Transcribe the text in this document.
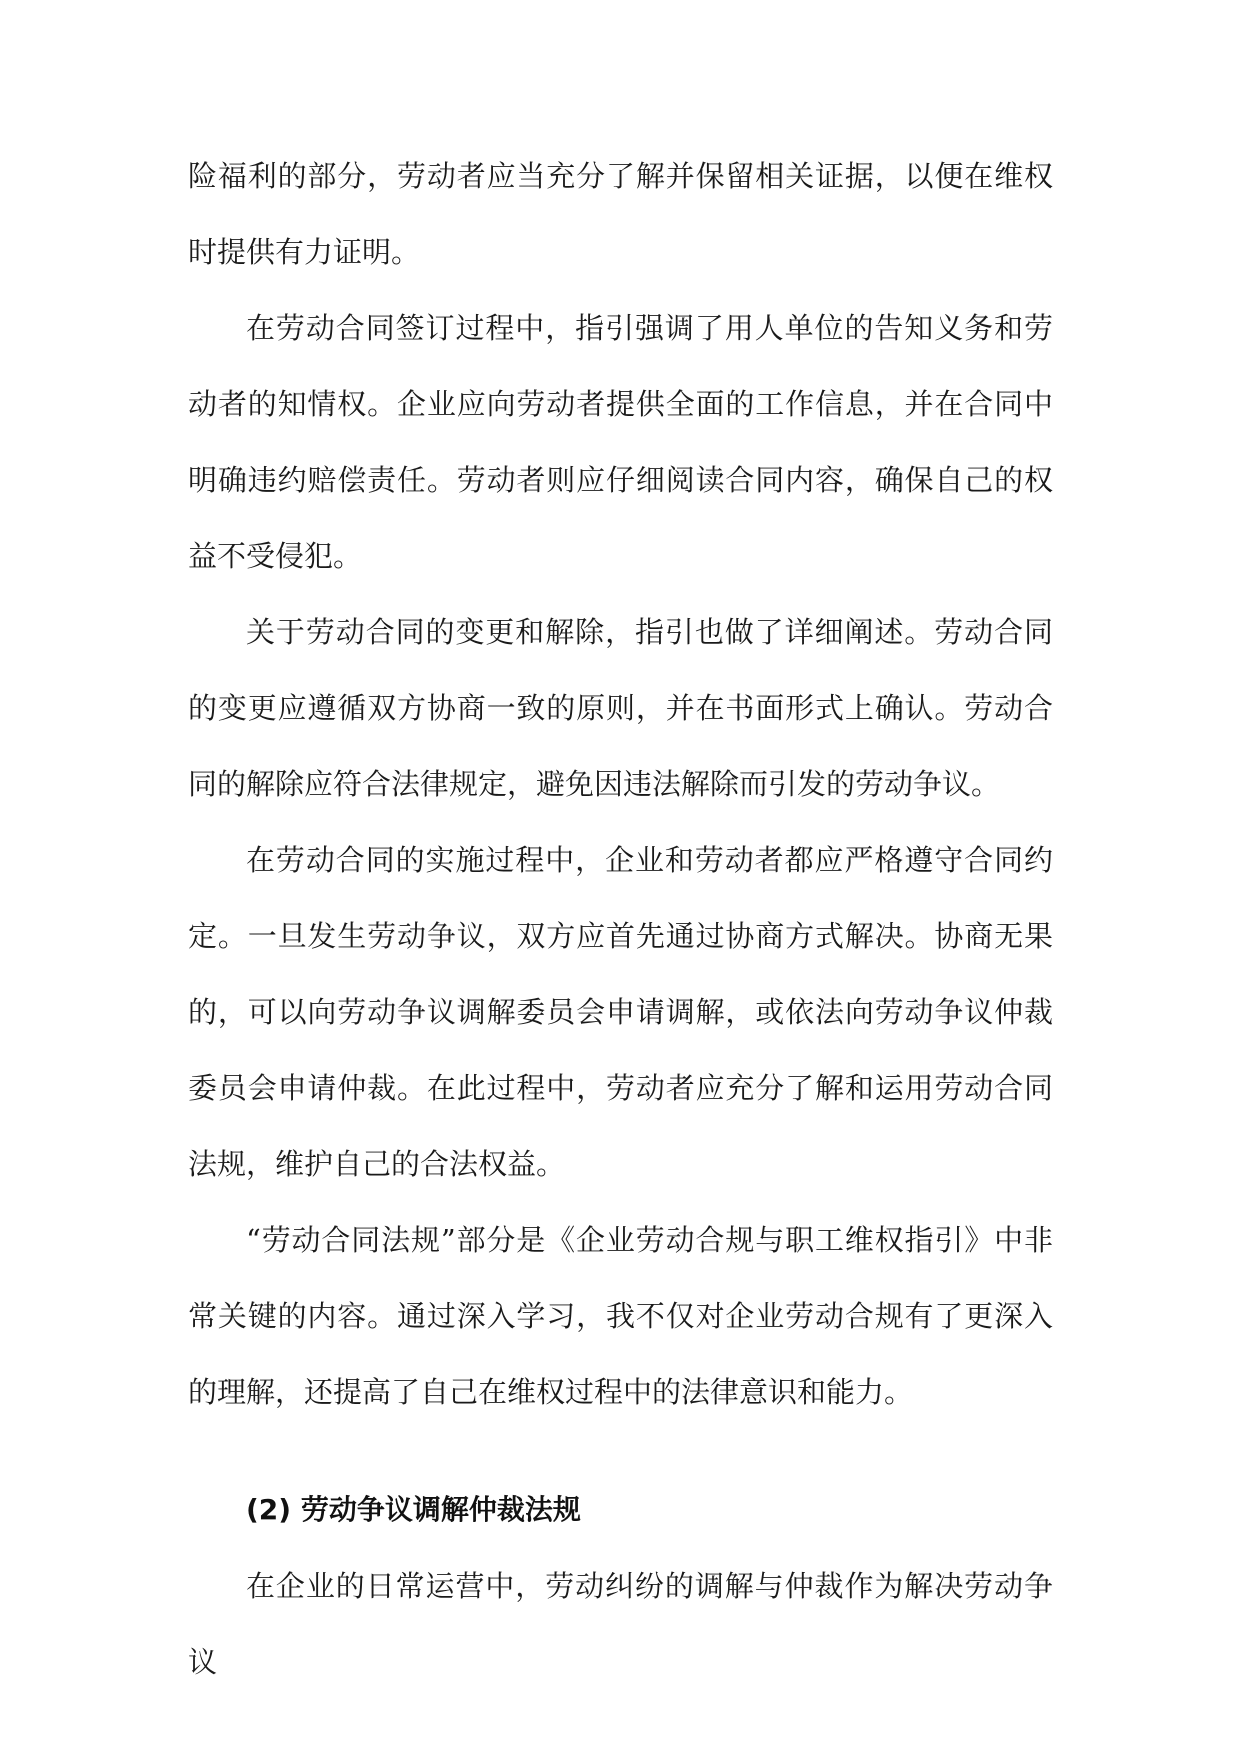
险福利的部分，劳动者应当充分了解并保留相关证据，以便在维权时提供有力证明。

在劳动合同签订过程中，指引强调了用人单位的告知义务和劳动者的知情权。企业应向劳动者提供全面的工作信息，并在合同中明确违约赔偿责任。劳动者则应仔细阅读合同内容，确保自己的权益不受侵犯。

关于劳动合同的变更和解除，指引也做了详细阐述。劳动合同的变更应遵循双方协商一致的原则，并在书面形式上确认。劳动合同的解除应符合法律规定，避免因违法解除而引发的劳动争议。

在劳动合同的实施过程中，企业和劳动者都应严格遵守合同约定。一旦发生劳动争议，双方应首先通过协商方式解决。协商无果的，可以向劳动争议调解委员会申请调解，或依法向劳动争议仲裁委员会申请仲裁。在此过程中，劳动者应充分了解和运用劳动合同法规，维护自己的合法权益。

“劳动合同法规”部分是《企业劳动合规与职工维权指引》中非常关键的内容。通过深入学习，我不仅对企业劳动合规有了更深入的理解，还提高了自己在维权过程中的法律意识和能力。

(2) 劳动争议调解仲裁法规

在企业的日常运营中，劳动纠纷的调解与仲裁作为解决劳动争议
